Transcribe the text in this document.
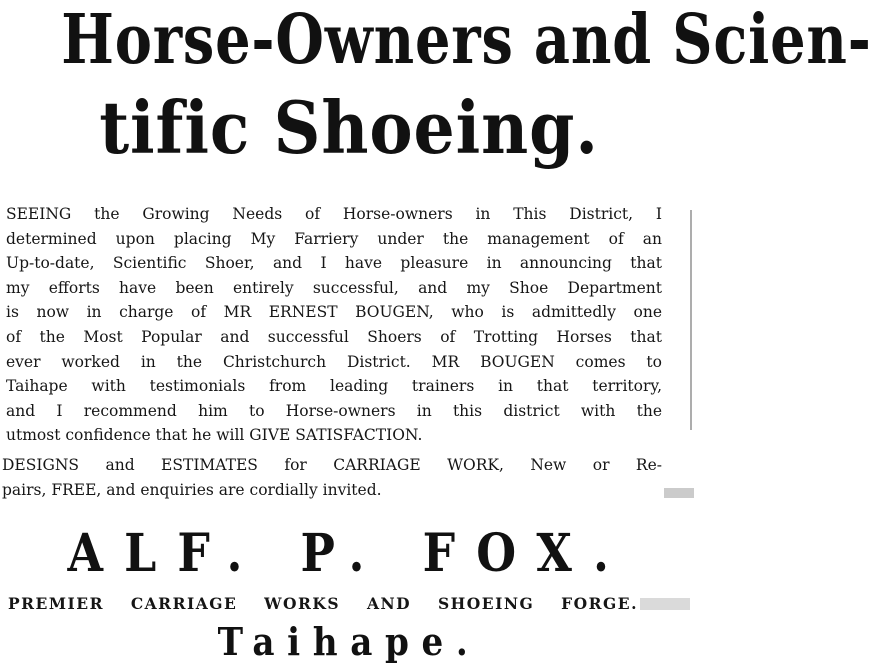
Horse-Owners and Scien-
tific Shoeing.
SEEING the Growing Needs of Horse-owners in This District, I
determined upon placing My Farriery under the management of an
Up-to-date, Scientific Shoer, and I have pleasure in announcing that
my efforts have been entirely successful, and my Shoe Department
is now in charge of MR ERNEST BOUGEN, who is admittedly one
of the Most Popular and successful Shoers of Trotting Horses that
ever worked in the Christchurch District. MR BOUGEN comes to
Taihape with testimonials from leading trainers in that territory,
and I recommend him to Horse-owners in this district with the
utmost confidence that he will GIVE SATISFACTION.
DESIGNS and ESTIMATES for CARRIAGE WORK, New or Re-
pairs, FREE, and enquiries are cordially invited.
ALF. P. FOX.
PREMIER CARRIAGE WORKS AND SHOEING FORGE.
Taihape.
